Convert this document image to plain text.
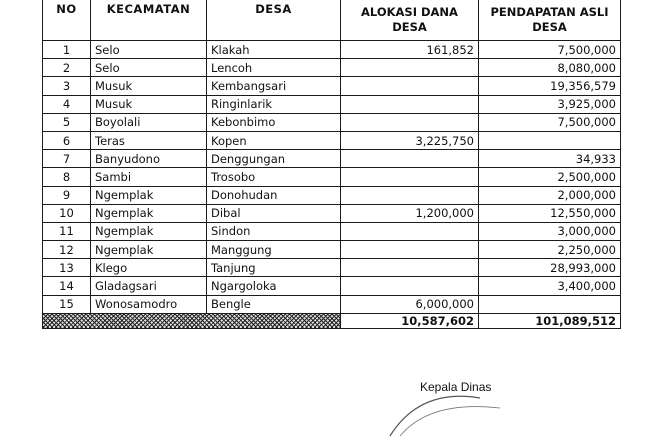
NO	KECAMATAN	DESA	ALOKASI DANA DESA	PENDAPATAN ASLI DESA
1	Selo	Klakah	161,852	7,500,000
2	Selo	Lencoh		8,080,000
3	Musuk	Kembangsari		19,356,579
4	Musuk	Ringinlarik		3,925,000
5	Boyolali	Kebonbimo		7,500,000
6	Teras	Kopen	3,225,750	
7	Banyudono	Denggungan		34,933
8	Sambi	Trosobo		2,500,000
9	Ngemplak	Donohudan		2,000,000
10	Ngemplak	Dibal	1,200,000	12,550,000
11	Ngemplak	Sindon		3,000,000
12	Ngemplak	Manggung		2,250,000
13	Klego	Tanjung		28,993,000
14	Gladagsari	Ngargoloka		3,400,000
15	Wonosamodro	Bengle	6,000,000	
			10,587,602	101,089,512
Kepala Dinas
